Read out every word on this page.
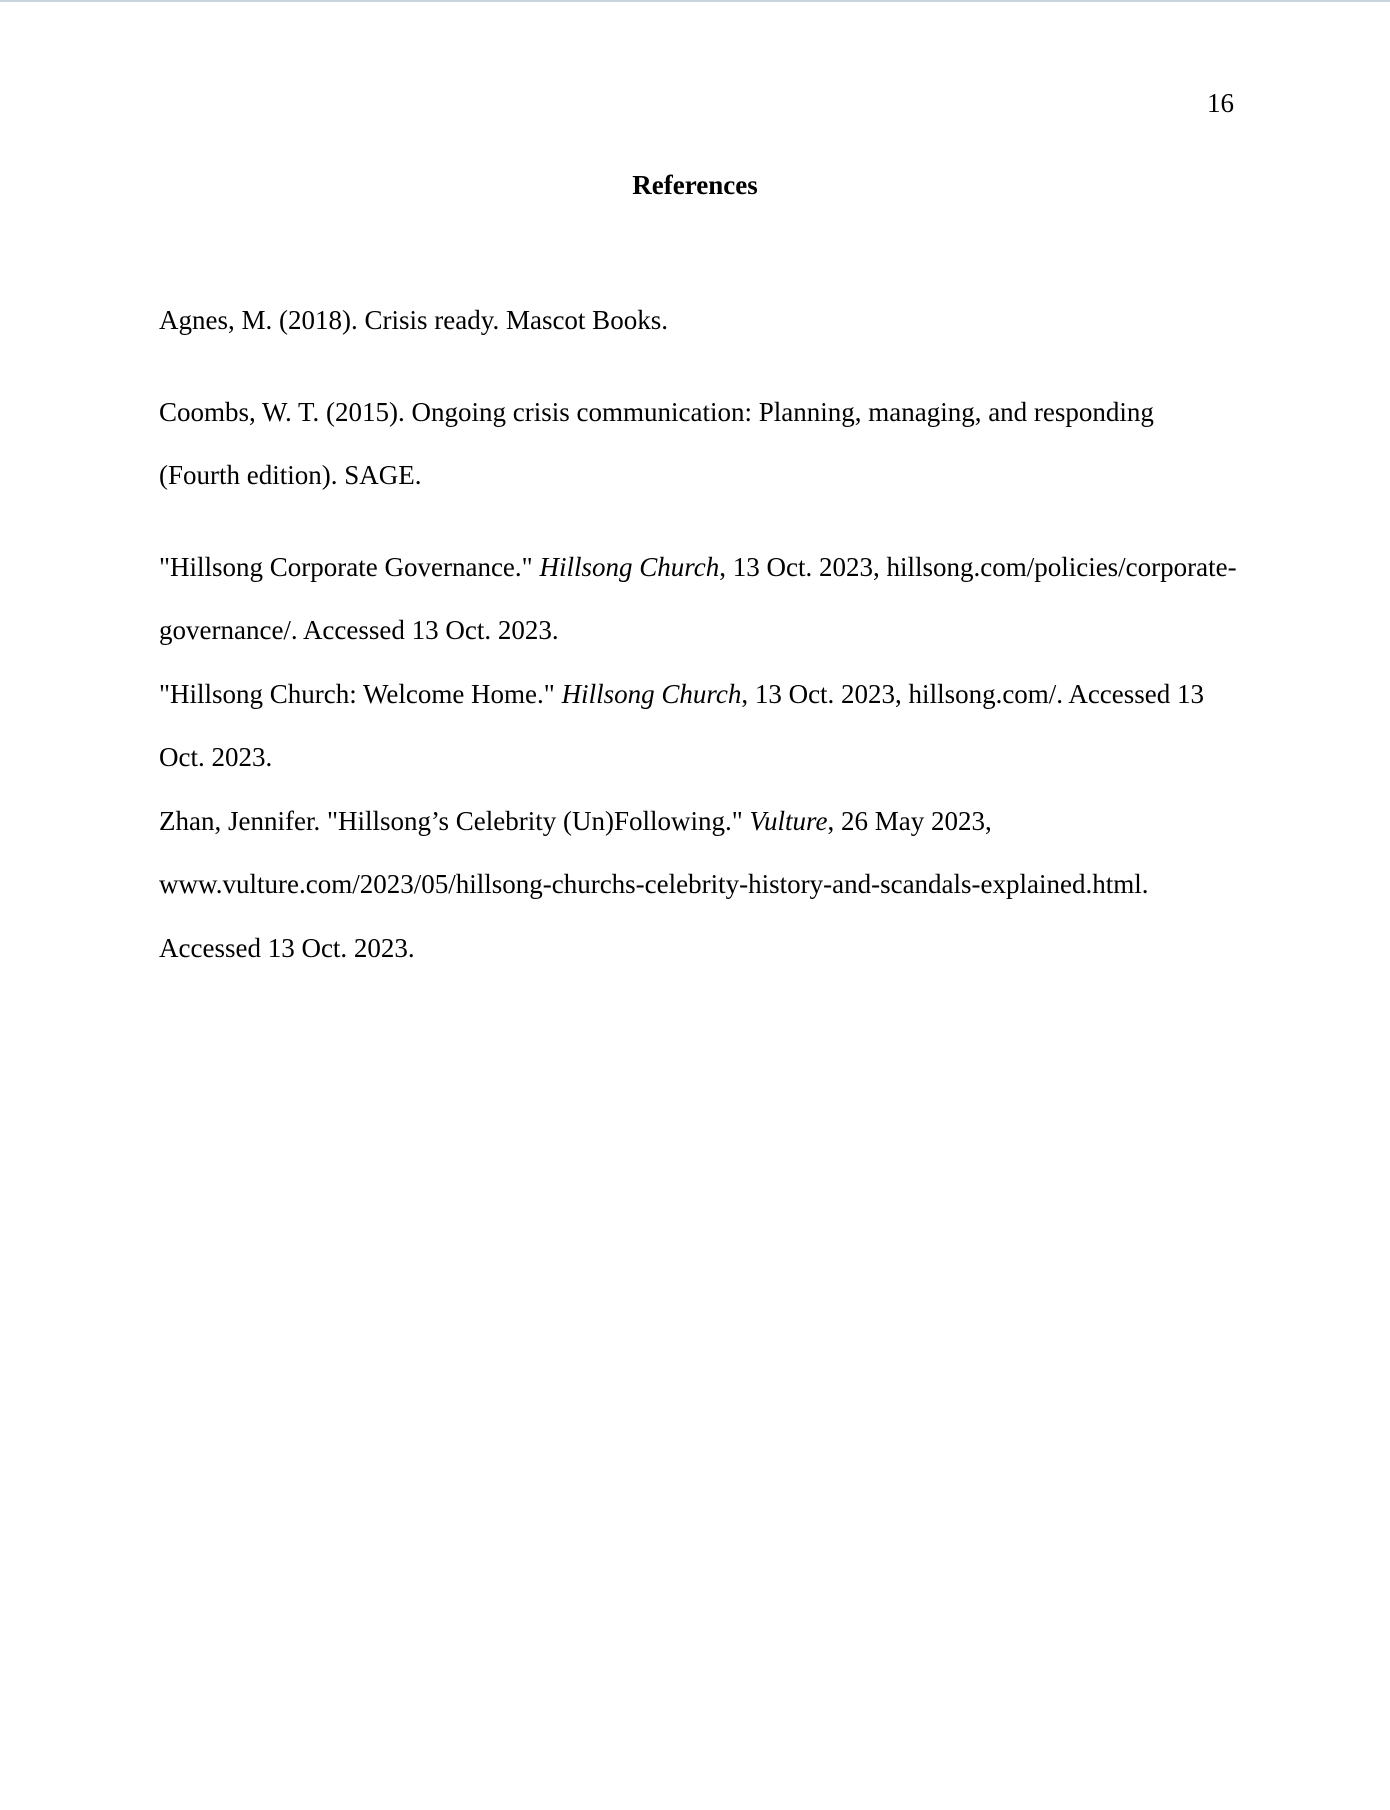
16
References

Agnes, M. (2018). Crisis ready. Mascot Books.

Coombs, W. T. (2015). Ongoing crisis communication: Planning, managing, and responding (Fourth edition). SAGE.

"Hillsong Corporate Governance." Hillsong Church, 13 Oct. 2023, hillsong.com/policies/corporate-governance/. Accessed 13 Oct. 2023.

"Hillsong Church: Welcome Home." Hillsong Church, 13 Oct. 2023, hillsong.com/. Accessed 13 Oct. 2023.

Zhan, Jennifer. "Hillsong’s Celebrity (Un)Following." Vulture, 26 May 2023, www.vulture.com/2023/05/hillsong-churchs-celebrity-history-and-scandals-explained.html. Accessed 13 Oct. 2023.
